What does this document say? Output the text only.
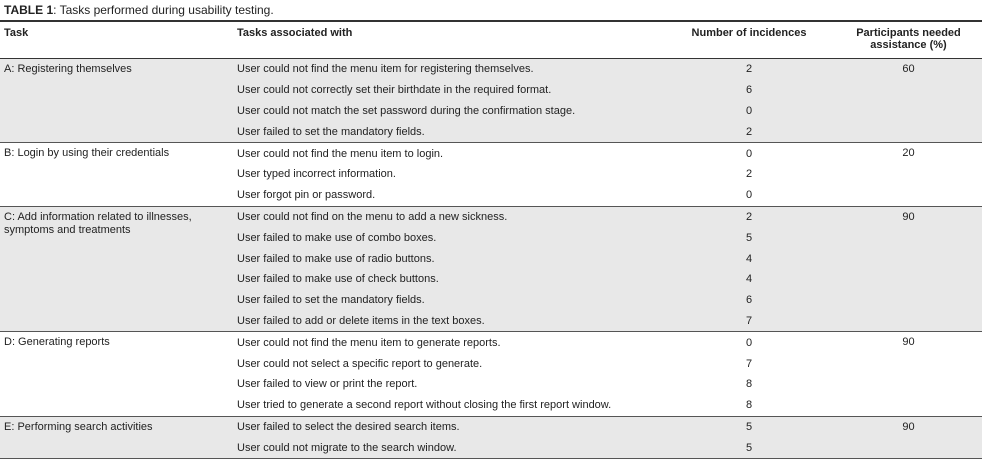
TABLE 1: Tasks performed during usability testing.
Task	Tasks associated with	Number of incidences	Participants needed assistance (%)
A: Registering themselves	User could not find the menu item for registering themselves.	2	60
	User could not correctly set their birthdate in the required format.	6	
	User could not match the set password during the confirmation stage.	0	
	User failed to set the mandatory fields.	2	
B: Login by using their credentials	User could not find the menu item to login.	0	20
	User typed incorrect information.	2	
	User forgot pin or password.	0	
C: Add information related to illnesses, symptoms and treatments	User could not find on the menu to add a new sickness.	2	90
	User failed to make use of combo boxes.	5	
	User failed to make use of radio buttons.	4	
	User failed to make use of check buttons.	4	
	User failed to set the mandatory fields.	6	
	User failed to add or delete items in the text boxes.	7	
D: Generating reports	User could not find the menu item to generate reports.	0	90
	User could not select a specific report to generate.	7	
	User failed to view or print the report.	8	
	User tried to generate a second report without closing the first report window.	8	
E: Performing search activities	User failed to select the desired search items.	5	90
	User could not migrate to the search window.	5	
